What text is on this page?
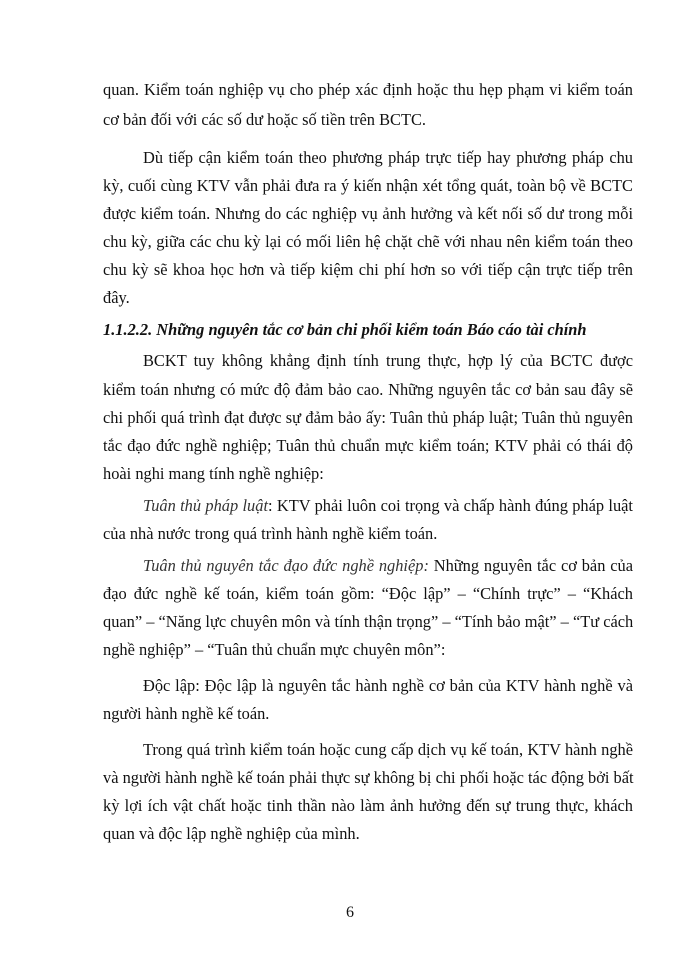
quan. Kiểm toán nghiệp vụ cho phép xác định hoặc thu hẹp phạm vi kiểm toán
cơ bản đối với các số dư hoặc số tiền trên BCTC.
Dù tiếp cận kiểm toán theo phương pháp trực tiếp hay phương pháp chu
kỳ, cuối cùng KTV vẫn phải đưa ra ý kiến nhận xét tổng quát, toàn bộ về BCTC
được kiểm toán. Nhưng do các nghiệp vụ ảnh hưởng và kết nối số dư trong mỗi
chu kỳ, giữa các chu kỳ lại có mối liên hệ chặt chẽ với nhau nên kiểm toán theo
chu kỳ sẽ khoa học hơn và tiếp kiệm chi phí hơn so với tiếp cận trực tiếp trên
đây.
1.1.2.2. Những nguyên tắc cơ bản chi phối kiểm toán Báo cáo tài chính
BCKT tuy không khẳng định tính trung thực, hợp lý của BCTC được
kiểm toán nhưng có mức độ đảm bảo cao. Những nguyên tắc cơ bản sau đây sẽ
chi phối quá trình đạt được sự đảm bảo ấy: Tuân thủ pháp luật; Tuân thủ nguyên
tắc đạo đức nghề nghiệp; Tuân thủ chuẩn mực kiểm toán; KTV phải có thái độ
hoài nghi mang tính nghề nghiệp:
Tuân thủ pháp luật: KTV phải luôn coi trọng và chấp hành đúng pháp luật
của nhà nước trong quá trình hành nghề kiểm toán.
Tuân thủ nguyên tắc đạo đức nghề nghiệp: Những nguyên tắc cơ bản của
đạo đức nghề kế toán, kiểm toán gồm: “Độc lập” – “Chính trực” – “Khách
quan” – “Năng lực chuyên môn và tính thận trọng” – “Tính bảo mật” – “Tư cách
nghề nghiệp” – “Tuân thủ chuẩn mực chuyên môn”:
Độc lập: Độc lập là nguyên tắc hành nghề cơ bản của KTV hành nghề và
người hành nghề kế toán.
Trong quá trình kiểm toán hoặc cung cấp dịch vụ kế toán, KTV hành nghề
và người hành nghề kế toán phải thực sự không bị chi phối hoặc tác động bởi bất
kỳ lợi ích vật chất hoặc tinh thần nào làm ảnh hưởng đến sự trung thực, khách
quan và độc lập nghề nghiệp của mình.
6
